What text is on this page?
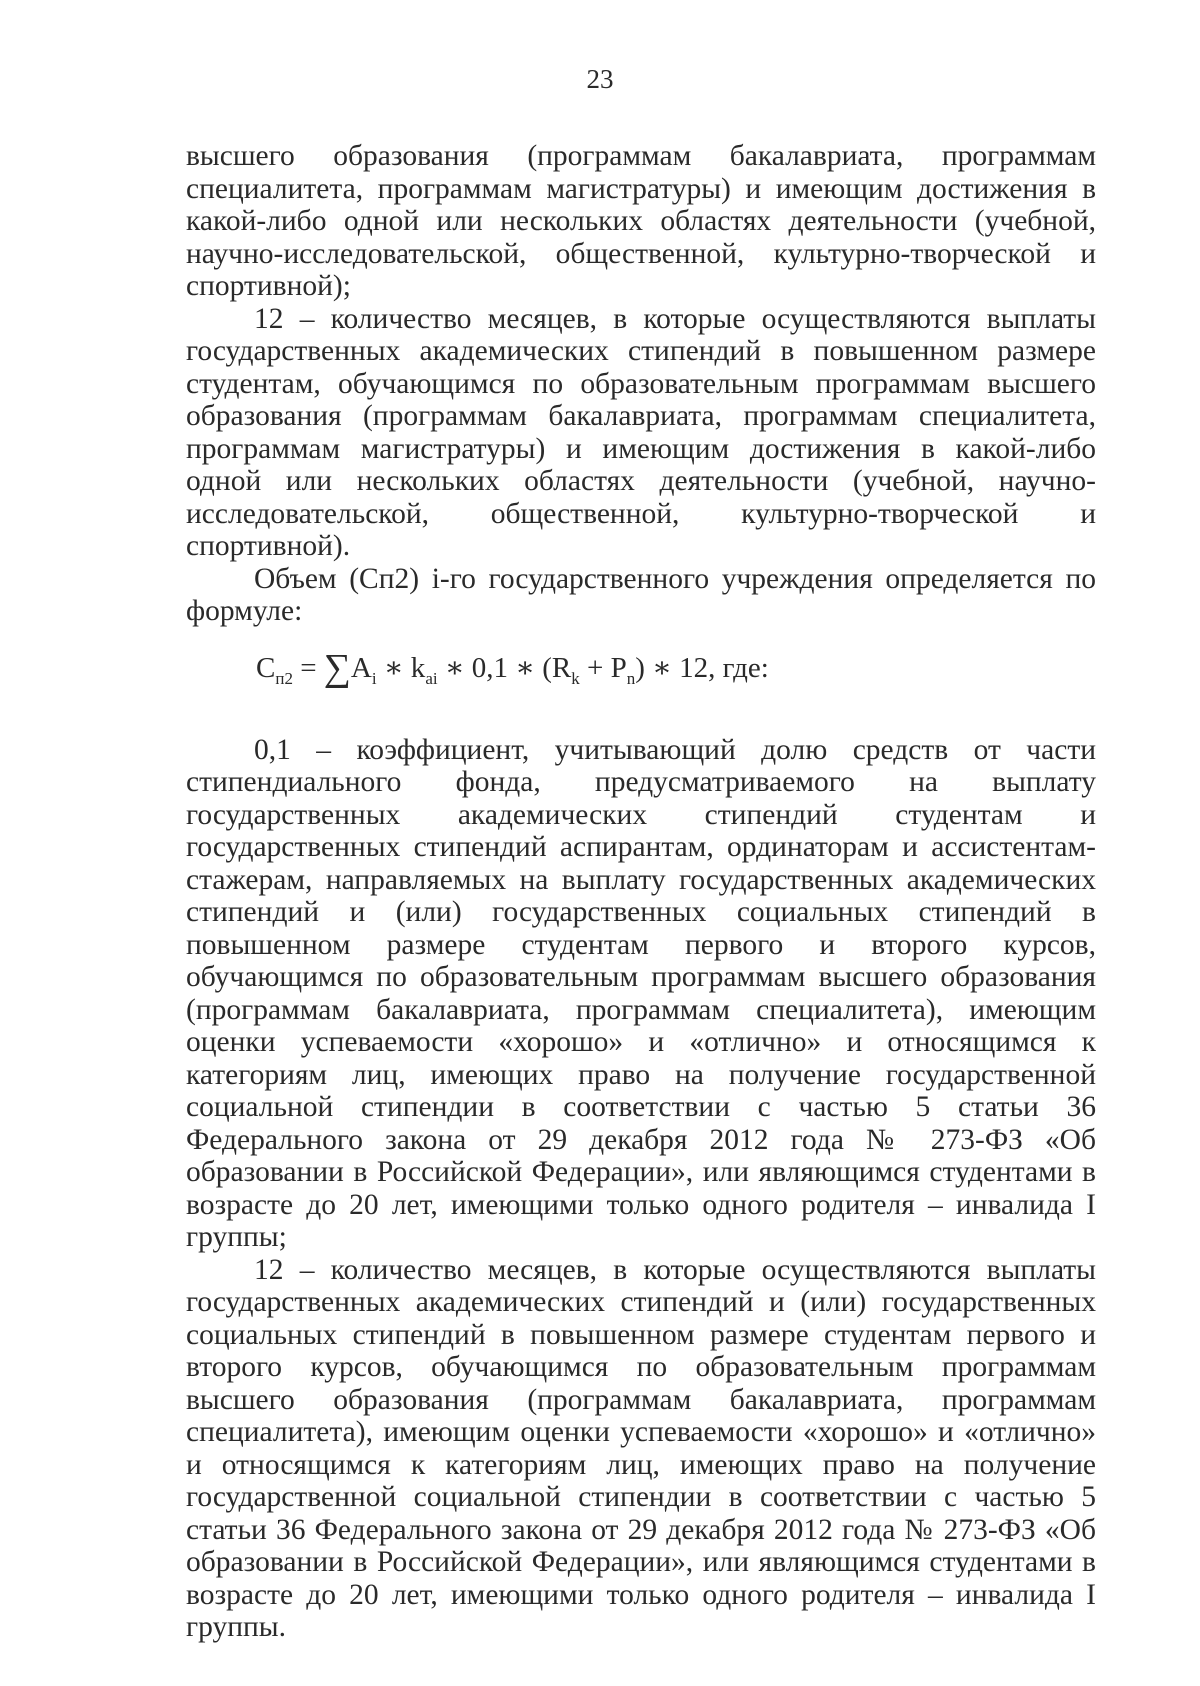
23

высшего образования (программам бакалавриата, программам специалитета, программам магистратуры) и имеющим достижения в какой-либо одной или нескольких областях деятельности (учебной, научно-исследовательской, общественной, культурно-творческой и спортивной);

12 – количество месяцев, в которые осуществляются выплаты государственных академических стипендий в повышенном размере студентам, обучающимся по образовательным программам высшего образования (программам бакалавриата, программам специалитета, программам магистратуры) и имеющим достижения в какой-либо одной или нескольких областях деятельности (учебной, научно-исследовательской, общественной, культурно-творческой и спортивной).

Объем (Cп2) i-го государственного учреждения определяется по формуле:

$C_{п2} = \sum A_i$ ∗ $k_{ai}$ ∗ 0,1 ∗ $(R_k + P_n)$ ∗ 12, где:

0,1 – коэффициент, учитывающий долю средств от части стипендиального фонда, предусматриваемого на выплату государственных академических стипендий студентам и государственных стипендий аспирантам, ординаторам и ассистентам-стажерам, направляемых на выплату государственных академических стипендий и (или) государственных социальных стипендий в повышенном размере студентам первого и второго курсов, обучающимся по образовательным программам высшего образования (программам бакалавриата, программам специалитета), имеющим оценки успеваемости «хорошо» и «отлично» и относящимся к категориям лиц, имеющих право на получение государственной социальной стипендии в соответствии с частью 5 статьи 36 Федерального закона от 29 декабря 2012 года № 273-ФЗ «Об образовании в Российской Федерации», или являющимся студентами в возрасте до 20 лет, имеющими только одного родителя – инвалида I группы;

12 – количество месяцев, в которые осуществляются выплаты государственных академических стипендий и (или) государственных социальных стипендий в повышенном размере студентам первого и второго курсов, обучающимся по образовательным программам высшего образования (программам бакалавриата, программам специалитета), имеющим оценки успеваемости «хорошо» и «отлично» и относящимся к категориям лиц, имеющих право на получение государственной социальной стипендии в соответствии с частью 5 статьи 36 Федерального закона от 29 декабря 2012 года № 273-ФЗ «Об образовании в Российской Федерации», или являющимся студентами в возрасте до 20 лет, имеющими только одного родителя – инвалида I группы.
